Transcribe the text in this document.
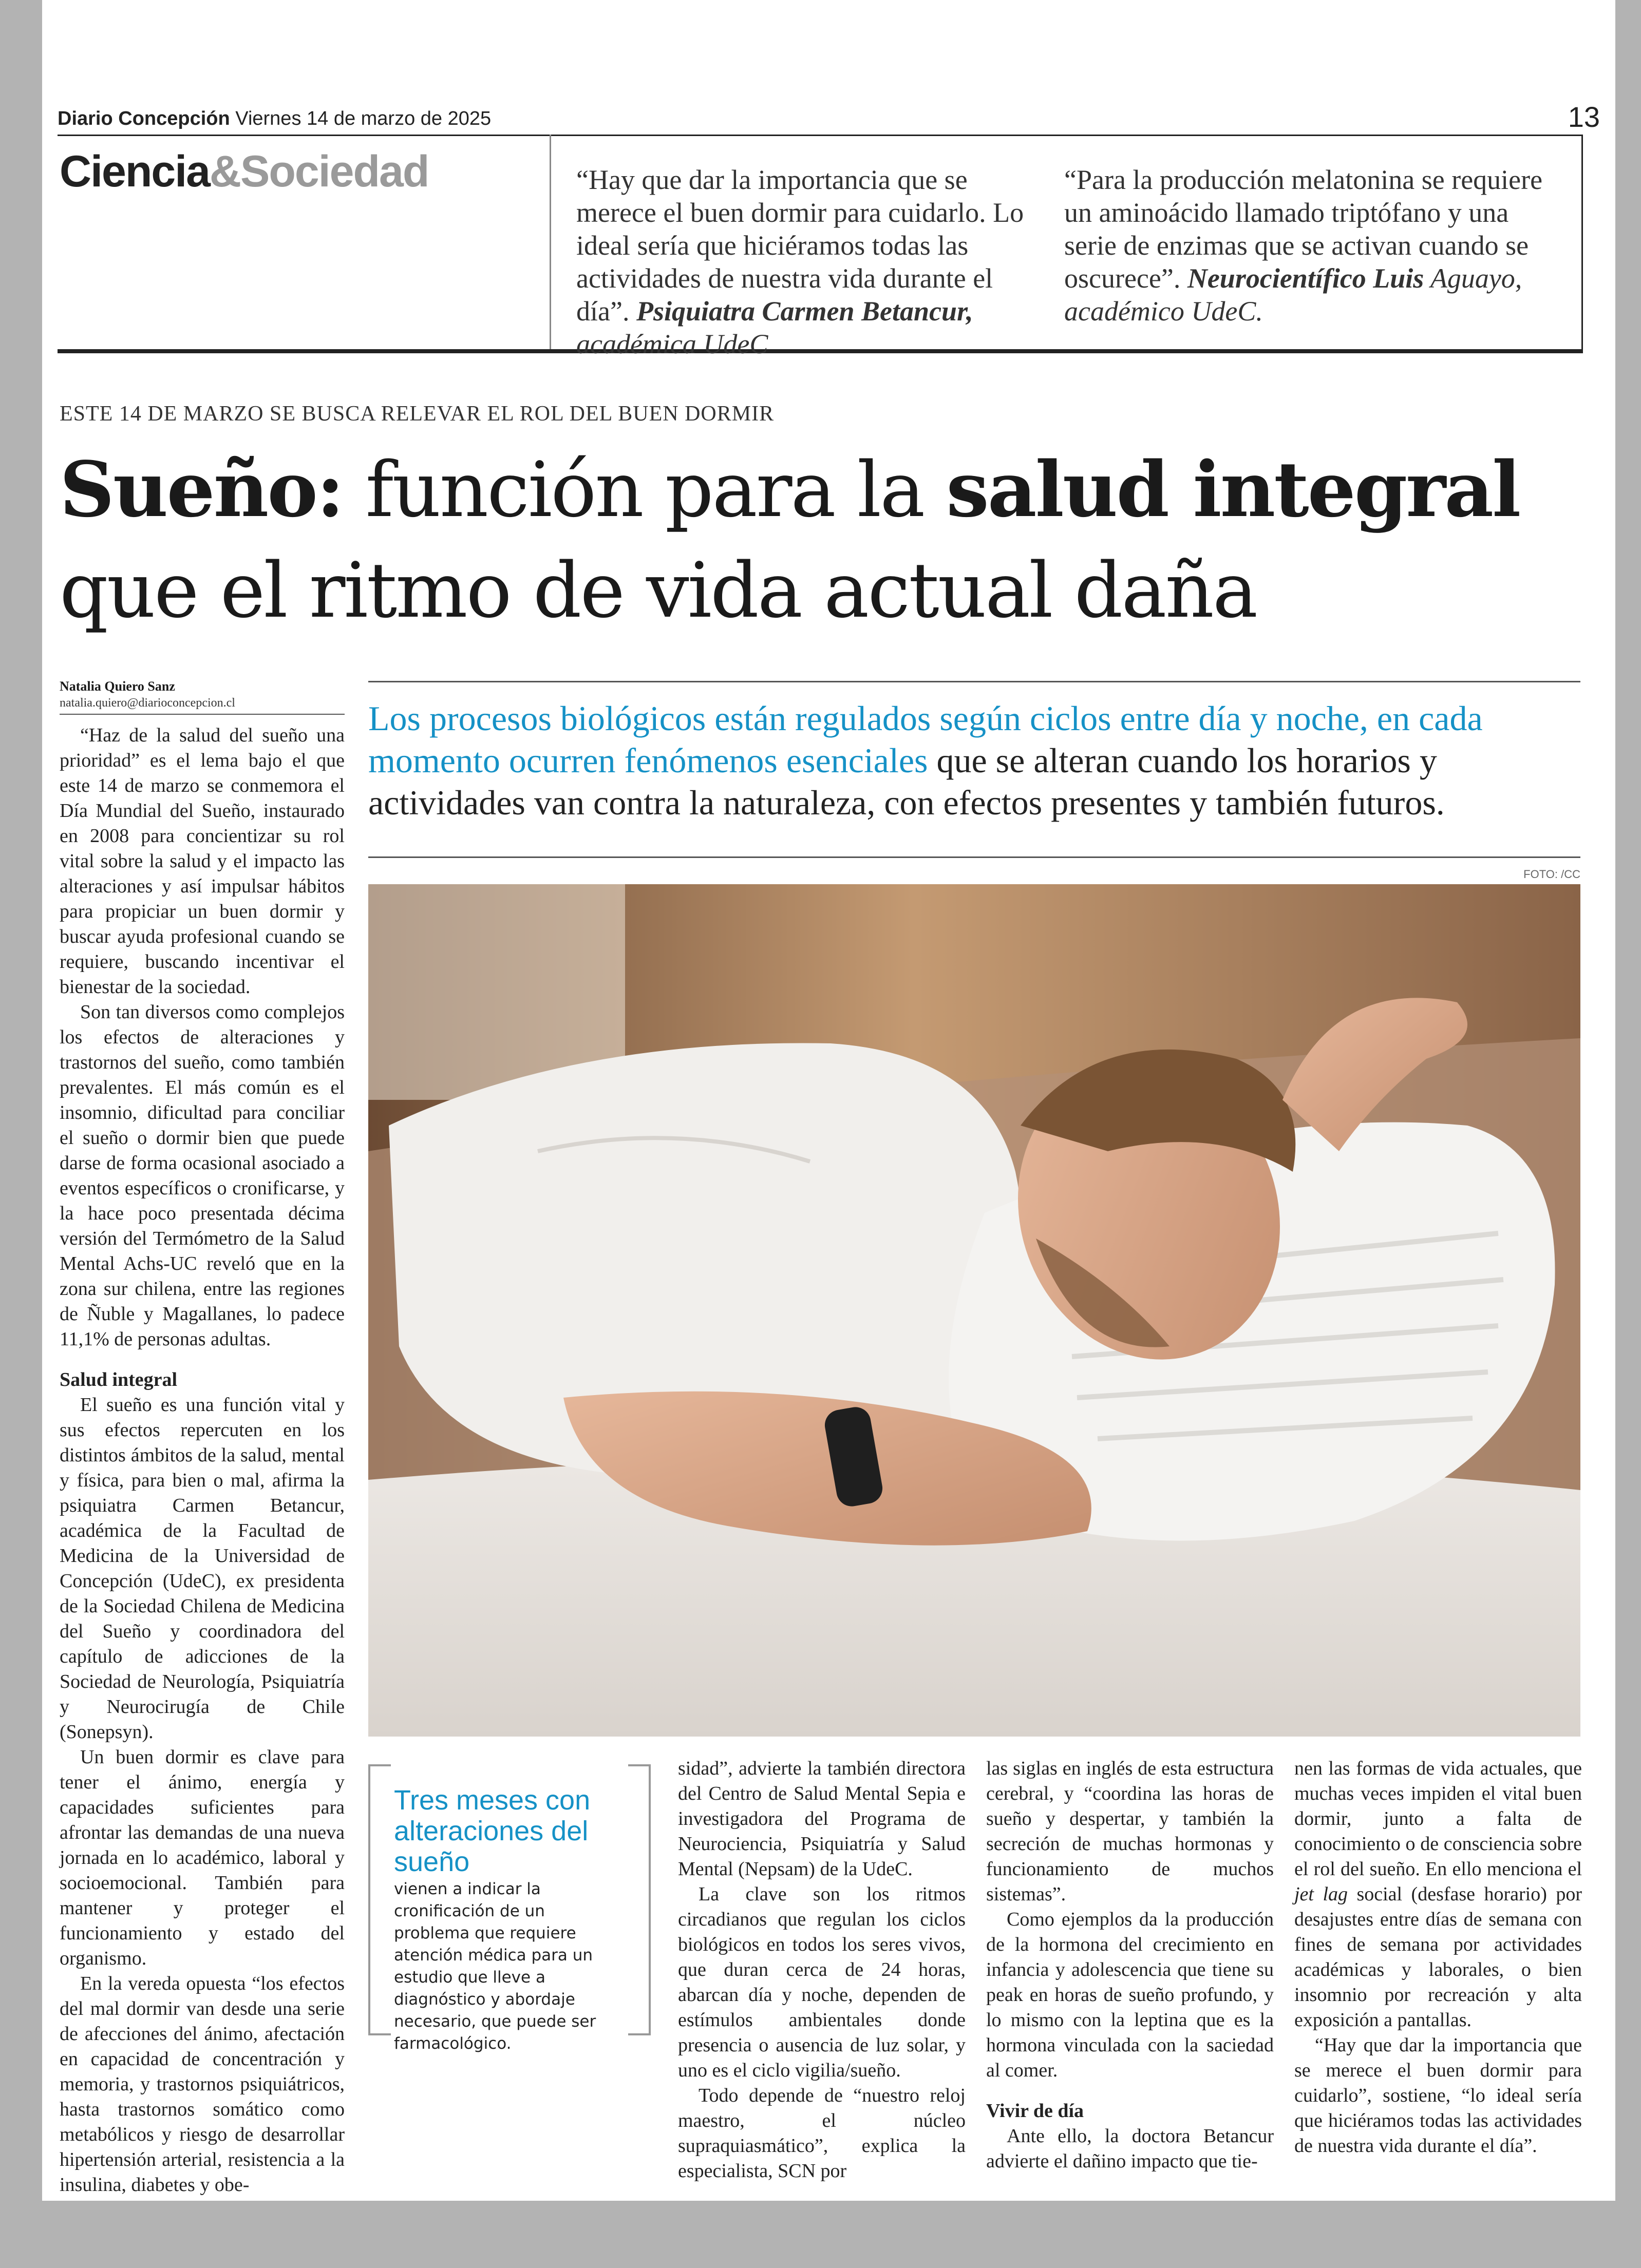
Diario Concepción Viernes 14 de marzo de 2025	13
Ciencia&Sociedad	“Hay que dar la importancia que se merece el buen dormir para cuidarlo. Lo ideal sería que hiciéramos todas las actividades de nuestra vida durante el día”. Psiquiatra Carmen Betancur, académica UdeC
“Para la producción melatonina se requiere un aminoácido llamado triptófano y una serie de enzimas que se activan cuando se oscurece”. Neurocientífico Luis Aguayo, académico UdeC.
ESTE 14 DE MARZO SE BUSCA RELEVAR EL ROL DEL BUEN DORMIR
Sueño: función para la salud integral
que el ritmo de vida actual daña
Natalia Quiero Sanz
natalia.quiero@diarioconcepcion.cl	Los procesos biológicos están regulados según ciclos entre día y noche, en cada momento ocurren fenómenos esenciales que se alteran cuando los horarios y actividades van contra la naturaleza, con efectos presentes y también futuros.
FOTO: /CC

“Haz de la salud del sueño una prioridad” es el lema bajo el que este 14 de marzo se conmemora el Día Mundial del Sueño, instaurado en 2008 para concientizar su rol vital sobre la salud y el impacto las alteraciones y así impulsar hábitos para propiciar un buen dormir y buscar ayuda profesional cuando se requiere, buscando incentivar el bienestar de la sociedad.

Son tan diversos como complejos los efectos de alteraciones y trastornos del sueño, como también prevalentes. El más común es el insomnio, dificultad para conciliar el sueño o dormir bien que puede darse de forma ocasional asociado a eventos específicos o cronificarse, y la hace poco presentada décima versión del Termómetro de la Salud Mental Achs-UC reveló que en la zona sur chilena, entre las regiones de Ñuble y Magallanes, lo padece 11,1% de personas adultas.

Salud integral

El sueño es una función vital y sus efectos repercuten en los distintos ámbitos de la salud, mental y física, para bien o mal, afirma la psiquiatra Carmen Betancur, académica de la Facultad de Medicina de la Universidad de Concepción (UdeC), ex presidenta de la Sociedad Chilena de Medicina del Sueño y coordinadora del capítulo de adicciones de la Sociedad de Neurología, Psiquiatría y Neurocirugía de Chile (Sonepsyn).

Un buen dormir es clave para tener el ánimo, energía y capacidades suficientes para afrontar las demandas de una nueva jornada en lo académico, laboral y socioemocional. También para mantener y proteger el funcionamiento y estado del organismo.

En la vereda opuesta “los efectos del mal dormir van desde una serie de afecciones del ánimo, afectación en capacidad de concentración y memoria, y trastornos psiquiátricos, hasta trastornos somático como metabólicos y riesgo de desarrollar hipertensión arterial, resistencia a la insulina, diabetes y obe-

Tres meses con alteraciones del sueño
vienen a indicar la cronificación de un problema que requiere atención médica para un estudio que lleve a diagnóstico y abordaje necesario, que puede ser farmacológico.

sidad”, advierte la también directora del Centro de Salud Mental Sepia e investigadora del Programa de Neurociencia, Psiquiatría y Salud Mental (Nepsam) de la UdeC.

La clave son los ritmos circadianos que regulan los ciclos biológicos en todos los seres vivos, que duran cerca de 24 horas, abarcan día y noche, dependen de estímulos ambientales donde presencia o ausencia de luz solar, y uno es el ciclo vigilia/sueño.

Todo depende de “nuestro reloj maestro, el núcleo supraquiasmático”, explica la especialista, SCN por

las siglas en inglés de esta estructura cerebral, y “coordina las horas de sueño y despertar, y también la secreción de muchas hormonas y funcionamiento de muchos sistemas”.

Como ejemplos da la producción de la hormona del crecimiento en infancia y adolescencia que tiene su peak en horas de sueño profundo, y lo mismo con la leptina que es la hormona vinculada con la saciedad al comer.

Vivir de día

Ante ello, la doctora Betancur advierte el dañino impacto que tie-

nen las formas de vida actuales, que muchas veces impiden el vital buen dormir, junto a falta de conocimiento o de consciencia sobre el rol del sueño. En ello menciona el jet lag social (desfase horario) por desajustes entre días de semana con fines de semana por actividades académicas y laborales, o bien insomnio por recreación y alta exposición a pantallas.

“Hay que dar la importancia que se merece el buen dormir para cuidarlo”, sostiene, “lo ideal sería que hiciéramos todas las actividades de nuestra vida durante el día”.
